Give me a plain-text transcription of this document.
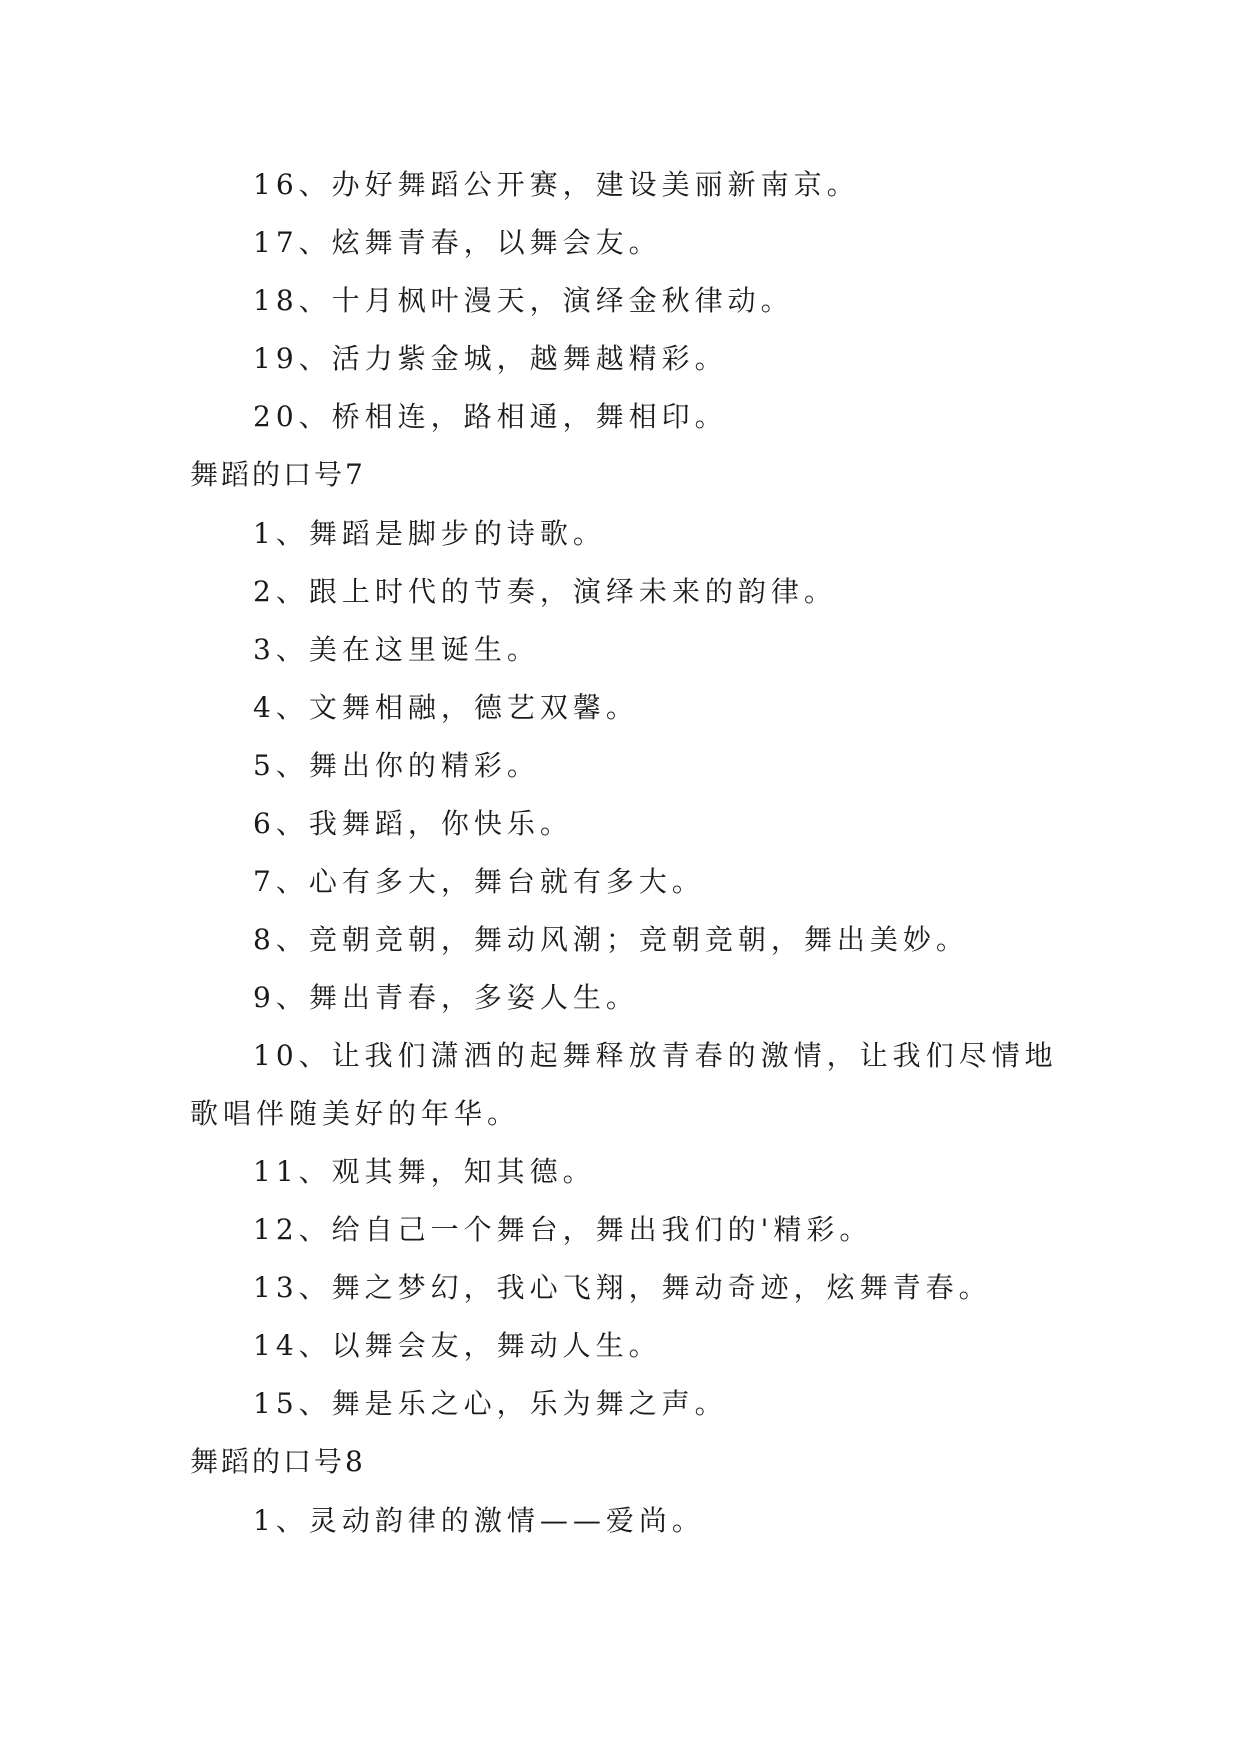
16、办好舞蹈公开赛，建设美丽新南京。
17、炫舞青春，以舞会友。
18、十月枫叶漫天，演绎金秋律动。
19、活力紫金城，越舞越精彩。
20、桥相连，路相通，舞相印。
舞蹈的口号7
1、舞蹈是脚步的诗歌。
2、跟上时代的节奏，演绎未来的韵律。
3、美在这里诞生。
4、文舞相融，德艺双馨。
5、舞出你的精彩。
6、我舞蹈，你快乐。
7、心有多大，舞台就有多大。
8、竞朝竞朝，舞动风潮；竞朝竞朝，舞出美妙。
9、舞出青春，多姿人生。
10、让我们潇洒的起舞释放青春的激情，让我们尽情地
歌唱伴随美好的年华。
11、观其舞，知其德。
12、给自己一个舞台，舞出我们的'精彩。
13、舞之梦幻，我心飞翔，舞动奇迹，炫舞青春。
14、以舞会友，舞动人生。
15、舞是乐之心，乐为舞之声。
舞蹈的口号8
1、灵动韵律的激情——爱尚。
